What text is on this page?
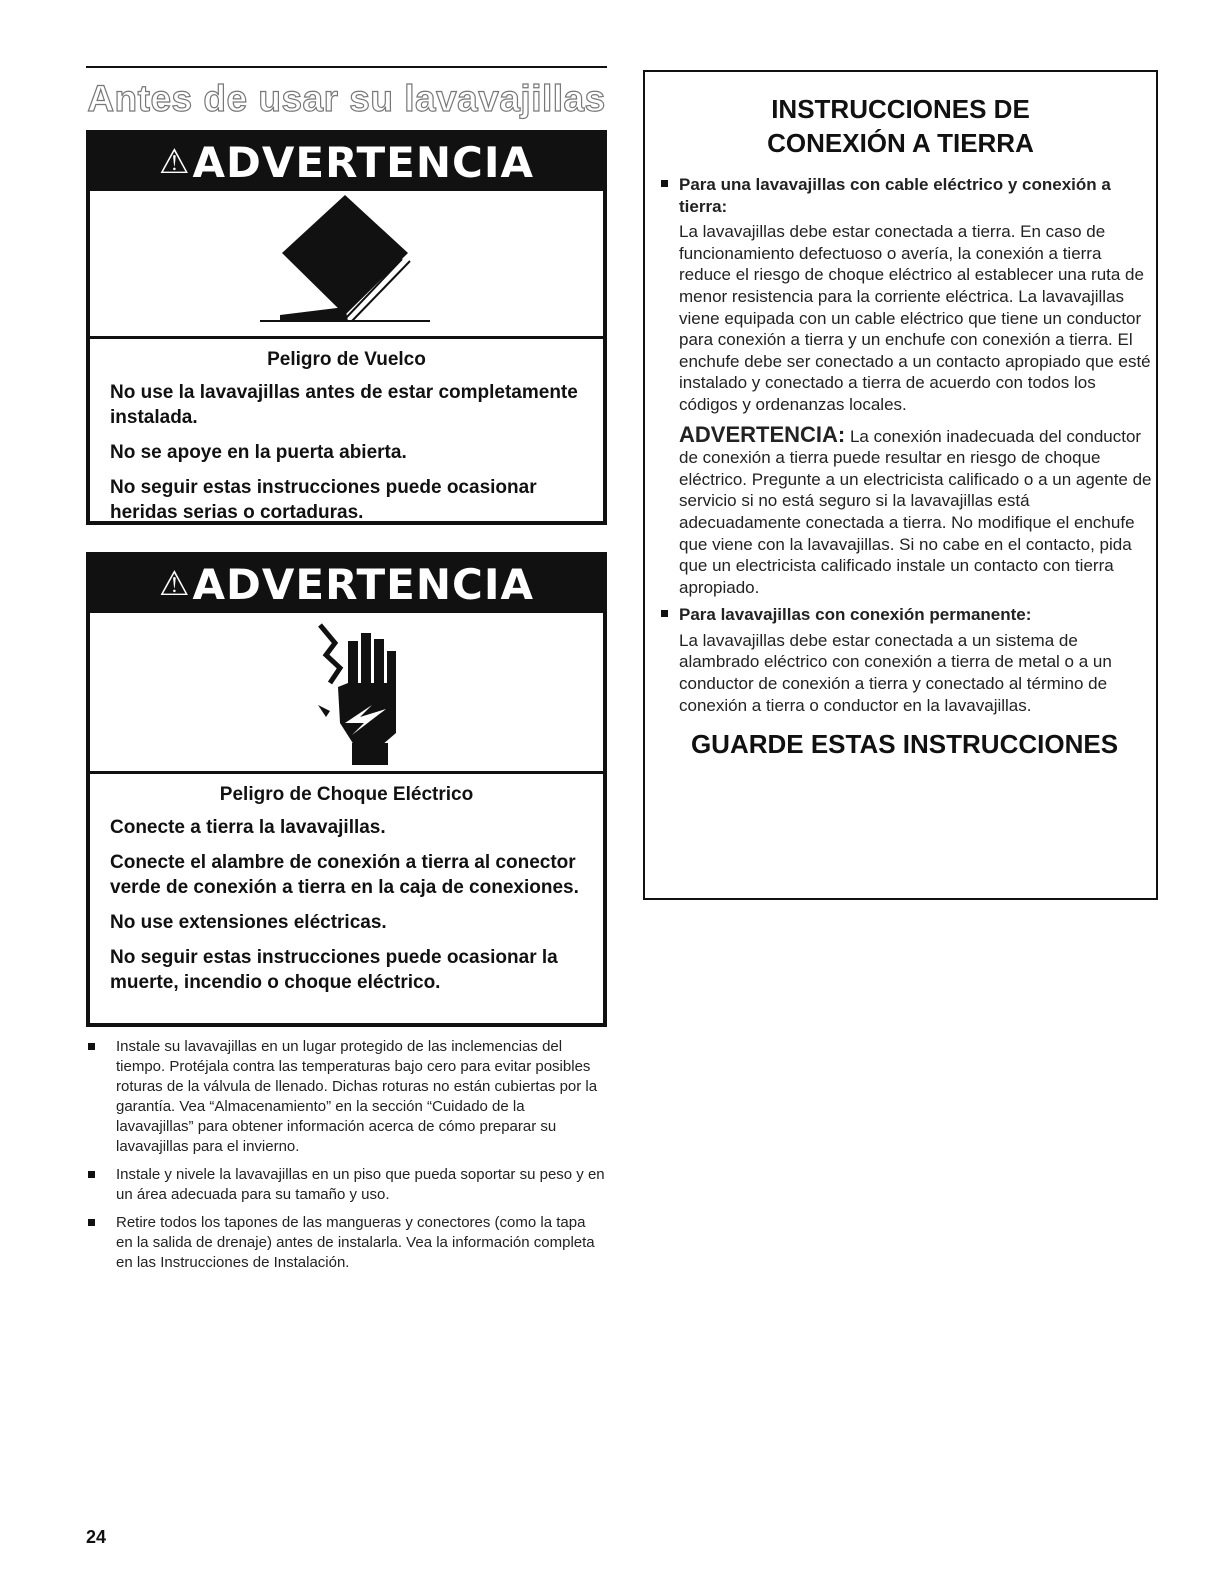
Antes de usar su lavavajillas
⚠ADVERTENCIA
Peligro de Vuelco

No use la lavavajillas antes de estar completamente instalada.

No se apoye en la puerta abierta.

No seguir estas instrucciones puede ocasionar heridas serias o cortaduras.

⚠ADVERTENCIA
Peligro de Choque Eléctrico

Conecte a tierra la lavavajillas.

Conecte el alambre de conexión a tierra al conector verde de conexión a tierra en la caja de conexiones.

No use extensiones eléctricas.

No seguir estas instrucciones puede ocasionar la muerte, incendio o choque eléctrico.

Instale su lavavajillas en un lugar protegido de las inclemencias del tiempo. Protéjala contra las temperaturas bajo cero para evitar posibles roturas de la válvula de llenado. Dichas roturas no están cubiertas por la garantía. Vea “Almacenamiento” en la sección “Cuidado de la lavavajillas” para obtener información acerca de cómo preparar su lavavajillas para el invierno.
Instale y nivele la lavavajillas en un piso que pueda soportar su peso y en un área adecuada para su tamaño y uso.
Retire todos los tapones de las mangueras y conectores (como la tapa en la salida de drenaje) antes de instalarla. Vea la información completa en las Instrucciones de Instalación.
INSTRUCCIONES DE
CONEXIÓN A TIERRA
Para una lavavajillas con cable eléctrico y conexión a tierra:
La lavavajillas debe estar conectada a tierra. En caso de funcionamiento defectuoso o avería, la conexión a tierra reduce el riesgo de choque eléctrico al establecer una ruta de menor resistencia para la corriente eléctrica. La lavavajillas viene equipada con un cable eléctrico que tiene un conductor para conexión a tierra y un enchufe con conexión a tierra. El enchufe debe ser conectado a un contacto apropiado que esté instalado y conectado a tierra de acuerdo con todos los códigos y ordenanzas locales.
ADVERTENCIA: La conexión inadecuada del conductor de conexión a tierra puede resultar en riesgo de choque eléctrico. Pregunte a un electricista calificado o a un agente de servicio si no está seguro si la lavavajillas está adecuadamente conectada a tierra. No modifique el enchufe que viene con la lavavajillas. Si no cabe en el contacto, pida que un electricista calificado instale un contacto con tierra apropiado.
Para lavavajillas con conexión permanente:
La lavavajillas debe estar conectada a un sistema de alambrado eléctrico con conexión a tierra de metal o a un conductor de conexión a tierra y conectado al término de conexión a tierra o conductor en la lavavajillas.
GUARDE ESTAS INSTRUCCIONES
24
